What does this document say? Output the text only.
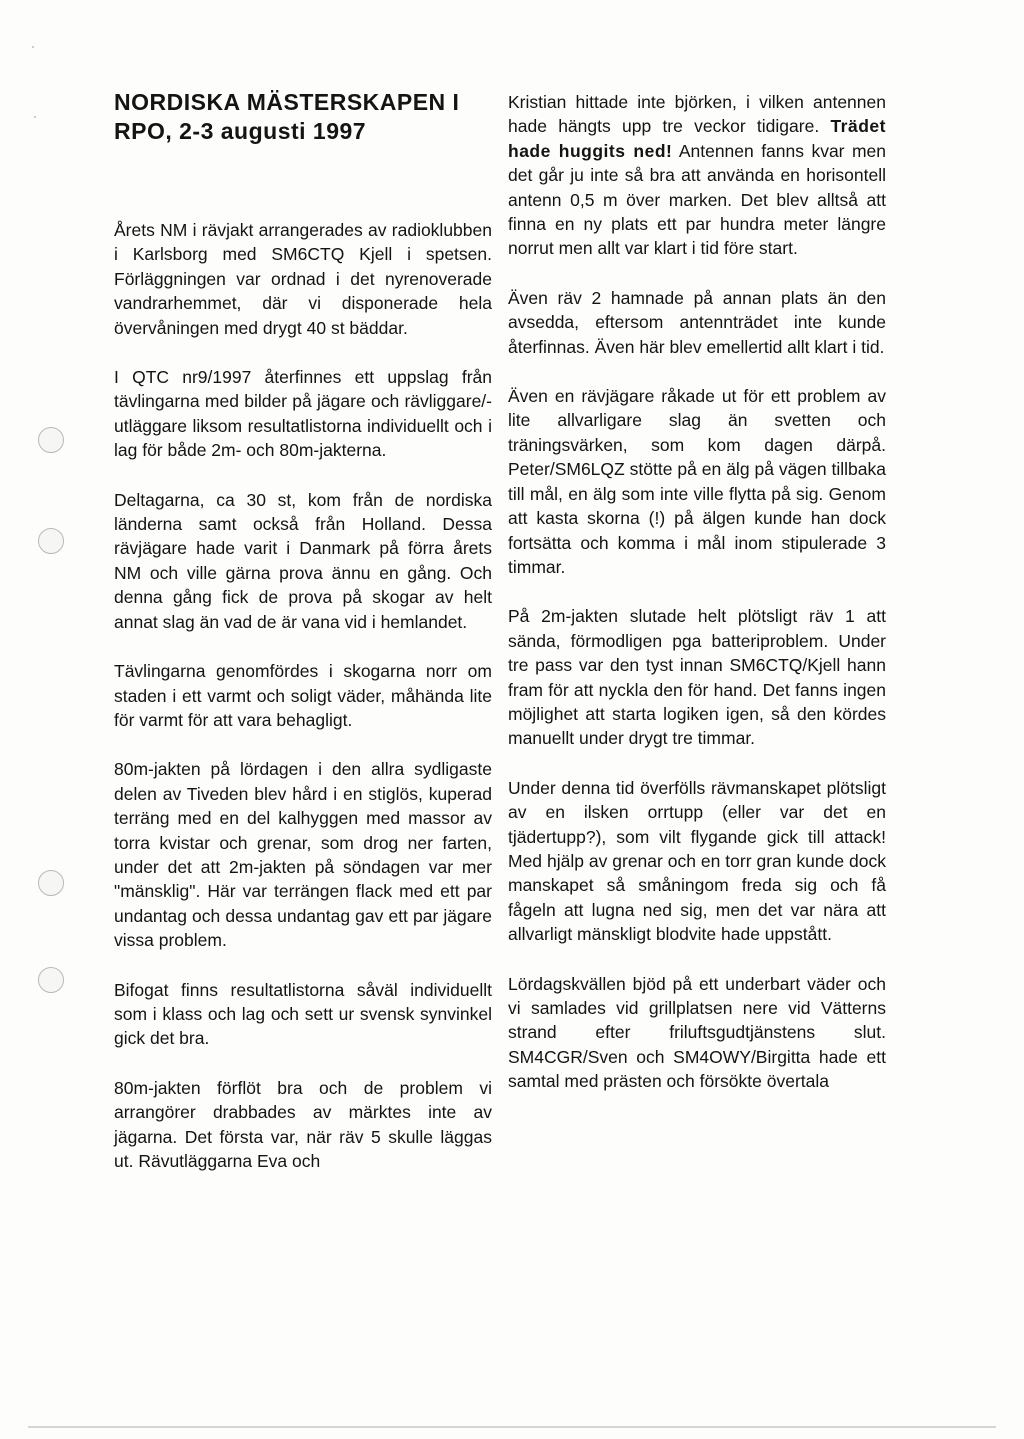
NORDISKA MÄSTERSKAPEN I RPO, 2-3 augusti 1997

Årets NM i rävjakt arrangerades av radioklubben i Karlsborg med SM6CTQ Kjell i spetsen. Förläggningen var ordnad i det nyrenoverade vandrarhemmet, där vi disponerade hela övervåningen med drygt 40 st bäddar.

I QTC nr9/1997 återfinnes ett uppslag från tävlingarna med bilder på jägare och rävliggare/-utläggare liksom resultatlistorna individuellt och i lag för både 2m- och 80m-jakterna.

Deltagarna, ca 30 st, kom från de nordiska länderna samt också från Holland. Dessa rävjägare hade varit i Danmark på förra årets NM och ville gärna prova ännu en gång. Och denna gång fick de prova på skogar av helt annat slag än vad de är vana vid i hemlandet.

Tävlingarna genomfördes i skogarna norr om staden i ett varmt och soligt väder, måhända lite för varmt för att vara behagligt.

80m-jakten på lördagen i den allra sydligaste delen av Tiveden blev hård i en stiglös, kuperad terräng med en del kalhyggen med massor av torra kvistar och grenar, som drog ner farten, under det att 2m-jakten på söndagen var mer "mänsklig". Här var terrängen flack med ett par undantag och dessa undantag gav ett par jägare vissa problem.

Bifogat finns resultatlistorna såväl individuellt som i klass och lag och sett ur svensk synvinkel gick det bra.

80m-jakten förflöt bra och de problem vi arrangörer drabbades av märktes inte av jägarna. Det första var, när räv 5 skulle läggas ut. Rävutläggarna Eva och

Kristian hittade inte björken, i vilken antennen hade hängts upp tre veckor tidigare. Trädet hade huggits ned! Antennen fanns kvar men det går ju inte så bra att använda en horisontell antenn 0,5 m över marken. Det blev alltså att finna en ny plats ett par hundra meter längre norrut men allt var klart i tid före start.

Även räv 2 hamnade på annan plats än den avsedda, eftersom antennträdet inte kunde återfinnas. Även här blev emellertid allt klart i tid.

Även en rävjägare råkade ut för ett problem av lite allvarligare slag än svetten och träningsvärken, som kom dagen därpå. Peter/SM6LQZ stötte på en älg på vägen tillbaka till mål, en älg som inte ville flytta på sig. Genom att kasta skorna (!) på älgen kunde han dock fortsätta och komma i mål inom stipulerade 3 timmar.

På 2m-jakten slutade helt plötsligt räv 1 att sända, förmodligen pga batteriproblem. Under tre pass var den tyst innan SM6CTQ/Kjell hann fram för att nyckla den för hand. Det fanns ingen möjlighet att starta logiken igen, så den kördes manuellt under drygt tre timmar.

Under denna tid överfölls rävmanskapet plötsligt av en ilsken orrtupp (eller var det en tjädertupp?), som vilt flygande gick till attack! Med hjälp av grenar och en torr gran kunde dock manskapet så småningom freda sig och få fågeln att lugna ned sig, men det var nära att allvarligt mänskligt blodvite hade uppstått.

Lördagskvällen bjöd på ett underbart väder och vi samlades vid grillplatsen nere vid Vätterns strand efter friluftsgudtjänstens slut. SM4CGR/Sven och SM4OWY/Birgitta hade ett samtal med prästen och försökte övertala
